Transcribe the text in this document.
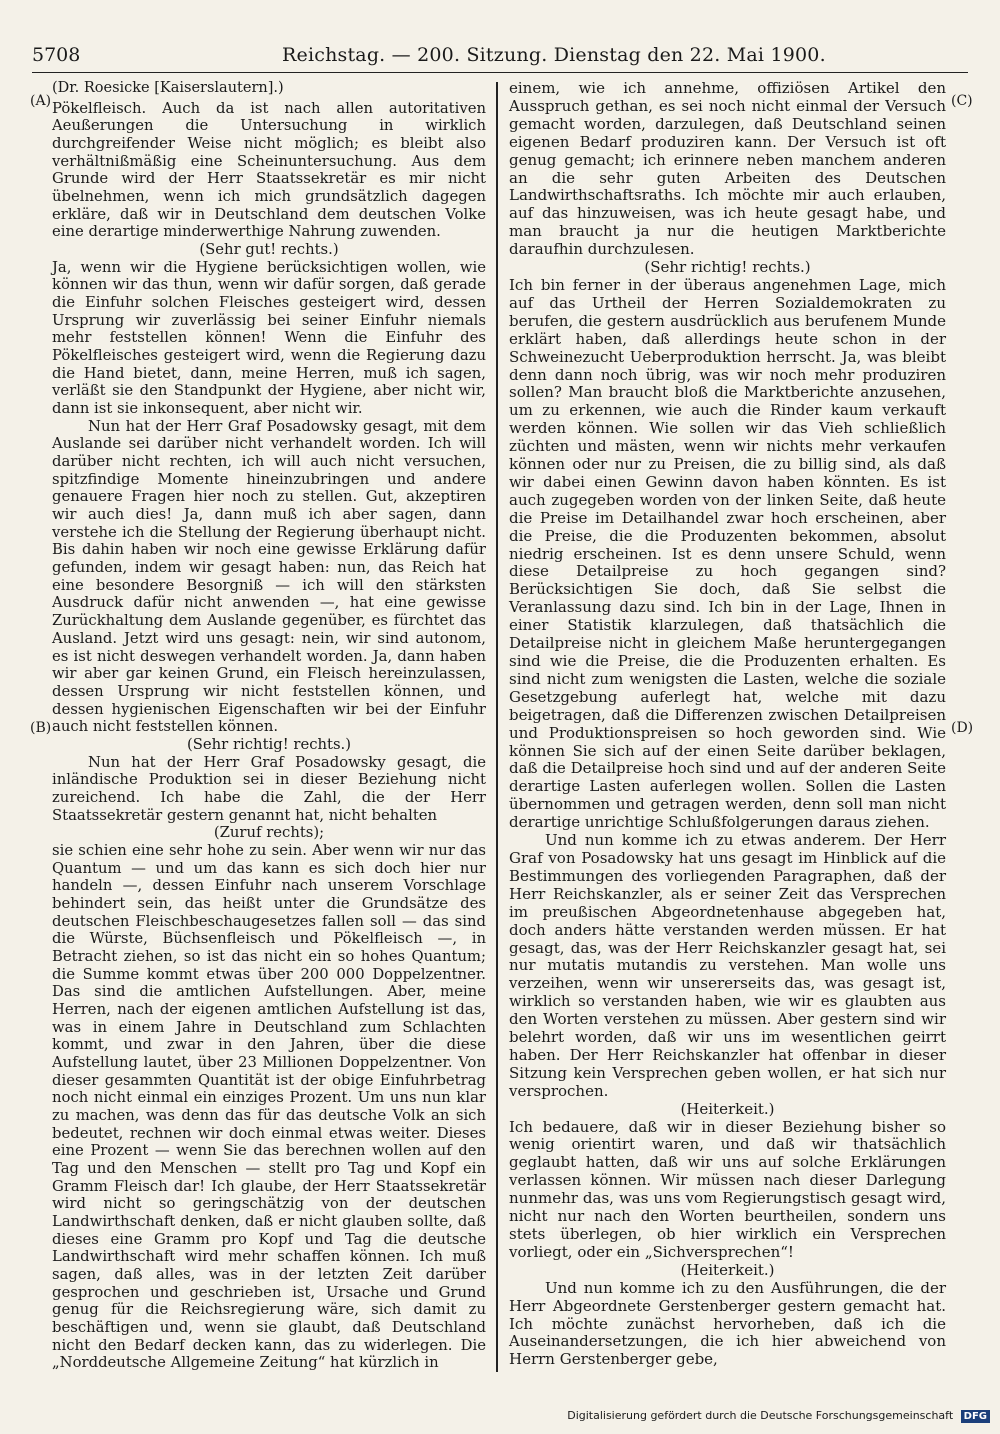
5708	Reichstag. — 200. Sitzung. Dienstag den 22. Mai 1900.
(A)
(B)
(C)
(D)

(Dr. Roesicke [Kaiserslautern].)

Pökelfleisch. Auch da ist nach allen autoritativen Aeußerungen die Untersuchung in wirklich durchgreifender Weise nicht möglich; es bleibt also verhältnißmäßig eine Scheinuntersuchung. Aus dem Grunde wird der Herr Staatssekretär es mir nicht übelnehmen, wenn ich mich grundsätzlich dagegen erkläre, daß wir in Deutschland dem deutschen Volke eine derartige minderwerthige Nahrung zuwenden.

(Sehr gut! rechts.)

Ja, wenn wir die Hygiene berücksichtigen wollen, wie können wir das thun, wenn wir dafür sorgen, daß gerade die Einfuhr solchen Fleisches gesteigert wird, dessen Ursprung wir zuverlässig bei seiner Einfuhr niemals mehr feststellen können! Wenn die Einfuhr des Pökelfleisches gesteigert wird, wenn die Regierung dazu die Hand bietet, dann, meine Herren, muß ich sagen, verläßt sie den Standpunkt der Hygiene, aber nicht wir, dann ist sie inkonsequent, aber nicht wir.

Nun hat der Herr Graf Posadowsky gesagt, mit dem Auslande sei darüber nicht verhandelt worden. Ich will darüber nicht rechten, ich will auch nicht versuchen, spitzfindige Momente hineinzubringen und andere genauere Fragen hier noch zu stellen. Gut, akzeptiren wir auch dies! Ja, dann muß ich aber sagen, dann verstehe ich die Stellung der Regierung überhaupt nicht. Bis dahin haben wir noch eine gewisse Erklärung dafür gefunden, indem wir gesagt haben: nun, das Reich hat eine besondere Besorgniß — ich will den stärksten Ausdruck dafür nicht anwenden —, hat eine gewisse Zurückhaltung dem Auslande gegenüber, es fürchtet das Ausland. Jetzt wird uns gesagt: nein, wir sind autonom, es ist nicht deswegen verhandelt worden. Ja, dann haben wir aber gar keinen Grund, ein Fleisch hereinzulassen, dessen Ursprung wir nicht feststellen können, und dessen hygienischen Eigenschaften wir bei der Einfuhr auch nicht feststellen können.

(Sehr richtig! rechts.)

Nun hat der Herr Graf Posadowsky gesagt, die inländische Produktion sei in dieser Beziehung nicht zureichend. Ich habe die Zahl, die der Herr Staatssekretär gestern genannt hat, nicht behalten

(Zuruf rechts);

sie schien eine sehr hohe zu sein. Aber wenn wir nur das Quantum — und um das kann es sich doch hier nur handeln —, dessen Einfuhr nach unserem Vorschlage behindert sein, das heißt unter die Grundsätze des deutschen Fleischbeschaugesetzes fallen soll — das sind die Würste, Büchsenfleisch und Pökelfleisch —, in Betracht ziehen, so ist das nicht ein so hohes Quantum; die Summe kommt etwas über 200 000 Doppelzentner. Das sind die amtlichen Aufstellungen. Aber, meine Herren, nach der eigenen amtlichen Aufstellung ist das, was in einem Jahre in Deutschland zum Schlachten kommt, und zwar in den Jahren, über die diese Aufstellung lautet, über 23 Millionen Doppelzentner. Von dieser gesammten Quantität ist der obige Einfuhrbetrag noch nicht einmal ein einziges Prozent. Um uns nun klar zu machen, was denn das für das deutsche Volk an sich bedeutet, rechnen wir doch einmal etwas weiter. Dieses eine Prozent — wenn Sie das berechnen wollen auf den Tag und den Menschen — stellt pro Tag und Kopf ein Gramm Fleisch dar! Ich glaube, der Herr Staatssekretär wird nicht so geringschätzig von der deutschen Landwirthschaft denken, daß er nicht glauben sollte, daß dieses eine Gramm pro Kopf und Tag die deutsche Landwirthschaft wird mehr schaffen können. Ich muß sagen, daß alles, was in der letzten Zeit darüber gesprochen und geschrieben ist, Ursache und Grund genug für die Reichsregierung wäre, sich damit zu beschäftigen und, wenn sie glaubt, daß Deutschland nicht den Bedarf decken kann, das zu widerlegen. Die „Norddeutsche Allgemeine Zeitung“ hat kürzlich in

einem, wie ich annehme, offiziösen Artikel den Ausspruch gethan, es sei noch nicht einmal der Versuch gemacht worden, darzulegen, daß Deutschland seinen eigenen Bedarf produziren kann. Der Versuch ist oft genug gemacht; ich erinnere neben manchem anderen an die sehr guten Arbeiten des Deutschen Landwirthschaftsraths. Ich möchte mir auch erlauben, auf das hinzuweisen, was ich heute gesagt habe, und man braucht ja nur die heutigen Marktberichte daraufhin durchzulesen.

(Sehr richtig! rechts.)

Ich bin ferner in der überaus angenehmen Lage, mich auf das Urtheil der Herren Sozialdemokraten zu berufen, die gestern ausdrücklich aus berufenem Munde erklärt haben, daß allerdings heute schon in der Schweinezucht Ueberproduktion herrscht. Ja, was bleibt denn dann noch übrig, was wir noch mehr produziren sollen? Man braucht bloß die Marktberichte anzusehen, um zu erkennen, wie auch die Rinder kaum verkauft werden können. Wie sollen wir das Vieh schließlich züchten und mästen, wenn wir nichts mehr verkaufen können oder nur zu Preisen, die zu billig sind, als daß wir dabei einen Gewinn davon haben könnten. Es ist auch zugegeben worden von der linken Seite, daß heute die Preise im Detailhandel zwar hoch erscheinen, aber die Preise, die die Produzenten bekommen, absolut niedrig erscheinen. Ist es denn unsere Schuld, wenn diese Detailpreise zu hoch gegangen sind? Berücksichtigen Sie doch, daß Sie selbst die Veranlassung dazu sind. Ich bin in der Lage, Ihnen in einer Statistik klarzulegen, daß thatsächlich die Detailpreise nicht in gleichem Maße heruntergegangen sind wie die Preise, die die Produzenten erhalten. Es sind nicht zum wenigsten die Lasten, welche die soziale Gesetzgebung auferlegt hat, welche mit dazu beigetragen, daß die Differenzen zwischen Detailpreisen und Produktionspreisen so hoch geworden sind. Wie können Sie sich auf der einen Seite darüber beklagen, daß die Detailpreise hoch sind und auf der anderen Seite derartige Lasten auferlegen wollen. Sollen die Lasten übernommen und getragen werden, denn soll man nicht derartige unrichtige Schlußfolgerungen daraus ziehen.

Und nun komme ich zu etwas anderem. Der Herr Graf von Posadowsky hat uns gesagt im Hinblick auf die Bestimmungen des vorliegenden Paragraphen, daß der Herr Reichskanzler, als er seiner Zeit das Versprechen im preußischen Abgeordnetenhause abgegeben hat, doch anders hätte verstanden werden müssen. Er hat gesagt, das, was der Herr Reichskanzler gesagt hat, sei nur mutatis mutandis zu verstehen. Man wolle uns verzeihen, wenn wir unsererseits das, was gesagt ist, wirklich so verstanden haben, wie wir es glaubten aus den Worten verstehen zu müssen. Aber gestern sind wir belehrt worden, daß wir uns im wesentlichen geirrt haben. Der Herr Reichskanzler hat offenbar in dieser Sitzung kein Versprechen geben wollen, er hat sich nur versprochen.

(Heiterkeit.)

Ich bedauere, daß wir in dieser Beziehung bisher so wenig orientirt waren, und daß wir thatsächlich geglaubt hatten, daß wir uns auf solche Erklärungen verlassen können. Wir müssen nach dieser Darlegung nunmehr das, was uns vom Regierungstisch gesagt wird, nicht nur nach den Worten beurtheilen, sondern uns stets überlegen, ob hier wirklich ein Versprechen vorliegt, oder ein „Sichversprechen“!

(Heiterkeit.)

Und nun komme ich zu den Ausführungen, die der Herr Abgeordnete Gerstenberger gestern gemacht hat. Ich möchte zunächst hervorheben, daß ich die Auseinandersetzungen, die ich hier abweichend von Herrn Gerstenberger gebe,

Digitalisierung gefördert durch die Deutsche Forschungsgemeinschaft DFG
